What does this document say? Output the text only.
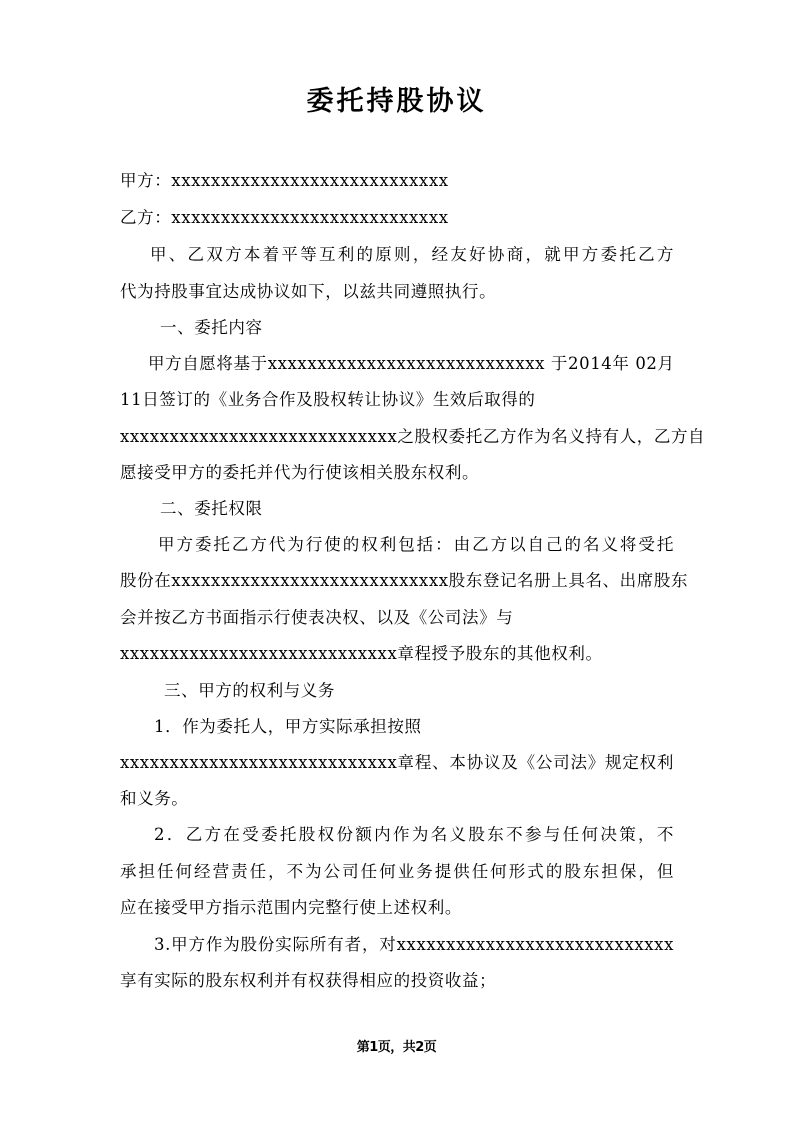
委托持股协议
甲方：xxxxxxxxxxxxxxxxxxxxxxxxxxxx
乙方：xxxxxxxxxxxxxxxxxxxxxxxxxxxx
甲、乙双方本着平等互利的原则，经友好协商，就甲方委托乙方
代为持股事宜达成协议如下，以兹共同遵照执行。
一、委托内容
甲方自愿将基于xxxxxxxxxxxxxxxxxxxxxxxxxxxx 于2014年 02月
11日签订的《业务合作及股权转让协议》生效后取得的
xxxxxxxxxxxxxxxxxxxxxxxxxxxx之股权委托乙方作为名义持有人，乙方自
愿接受甲方的委托并代为行使该相关股东权利。
二、委托权限
甲方委托乙方代为行使的权利包括：由乙方以自己的名义将受托
股份在xxxxxxxxxxxxxxxxxxxxxxxxxxxx股东登记名册上具名、出席股东
会并按乙方书面指示行使表决权、以及《公司法》与
xxxxxxxxxxxxxxxxxxxxxxxxxxxx章程授予股东的其他权利。
三、甲方的权利与义务
1．作为委托人，甲方实际承担按照
xxxxxxxxxxxxxxxxxxxxxxxxxxxx章程、本协议及《公司法》规定权利
和义务。
2．乙方在受委托股权份额内作为名义股东不参与任何决策，不
承担任何经营责任，不为公司任何业务提供任何形式的股东担保，但
应在接受甲方指示范围内完整行使上述权利。
3.甲方作为股份实际所有者，对xxxxxxxxxxxxxxxxxxxxxxxxxxxx
享有实际的股东权利并有权获得相应的投资收益；
第1页，共2页
